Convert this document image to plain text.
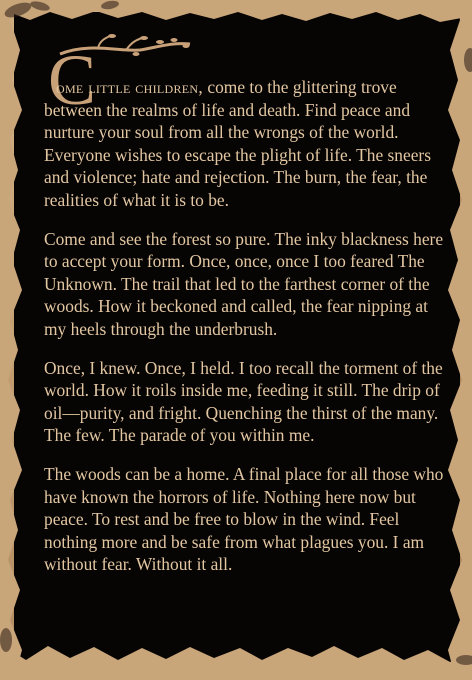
C

ome little children, come to the glittering trove between the realms of life and death. Find peace and nurture your soul from all the wrongs of the world. Everyone wishes to escape the plight of life. The sneers and violence; hate and rejection. The burn, the fear, the realities of what it is to be.

Come and see the forest so pure. The inky blackness here to accept your form. Once, once, once I too feared The Unknown. The trail that led to the farthest corner of the woods. How it beckoned and called, the fear nipping at my heels through the underbrush.

Once, I knew. Once, I held. I too recall the torment of the world. How it roils inside me, feeding it still. The drip of oil—purity, and fright. Quenching the thirst of the many. The few. The parade of you within me.

The woods can be a home. A final place for all those who have known the horrors of life. Nothing here now but peace. To rest and be free to blow in the wind. Feel nothing more and be safe from what plagues you. I am without fear. Without it all.
